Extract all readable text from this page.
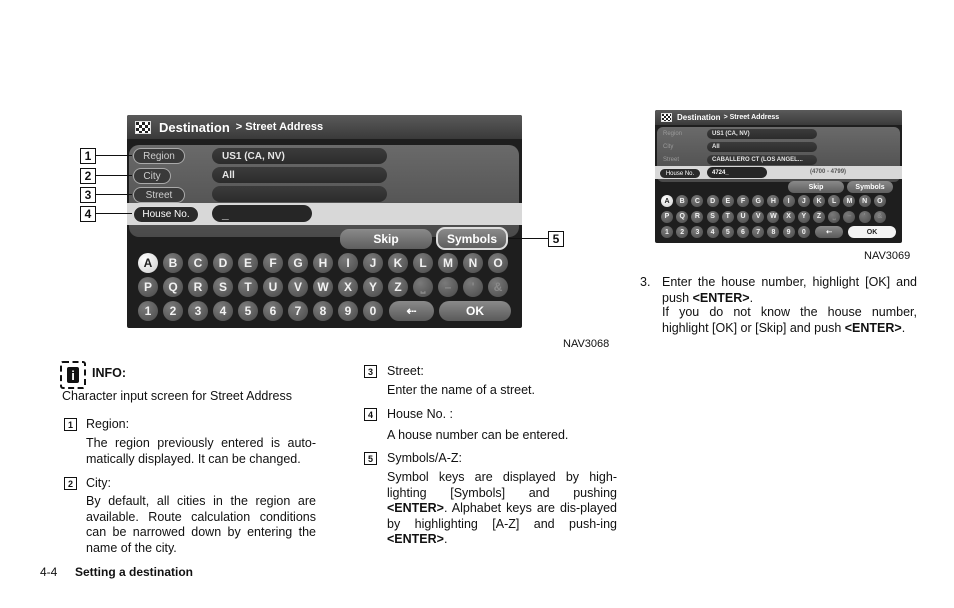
Destination > Street Address
Region	US1 (CA, NV)
City	All
Street
House No.	_
Skip	Symbols
A	B	C	D	E	F	G	H	I	J	K	L	M	N	O
P	Q	R	S	T	U	V	W	X	Y	Z	⎵	–	'	&
1	2	3	4	5	6	7	8	9	0	⇠	OK
1
2
3
4
5
NAV3068
Destination > Street Address
Region	US1 (CA, NV)
City	All
Street	CABALLERO CT (LOS ANGEL...
House No.	4724_	(4700 - 4799)
Skip	Symbols
A	B	C	D	E	F	G	H	I	J	K	L	M	N	O
P	Q	R	S	T	U	V	W	X	Y	Z	⎵	–	'	&
1	2	3	4	5	6	7	8	9	0	⇠	OK
NAV3069
i	INFO:
Character input screen for Street Address
1	Region:
The region previously entered is auto-matically displayed. It can be changed.
2	City:
By default, all cities in the region are available. Route calculation conditions can be narrowed down by entering the name of the city.
3	Street:
Enter the name of a street.
4	House No. :
A house number can be entered.
5	Symbols/A-Z:
Symbol keys are displayed by high-lighting [Symbols] and pushing <ENTER>. Alphabet keys are dis-played by highlighting [A-Z] and push-ing <ENTER>.
3. Enter the house number, highlight [OK] and push <ENTER>.
If you do not know the house number, highlight [OK] or [Skip] and push <ENTER>.
4-4 Setting a destination
